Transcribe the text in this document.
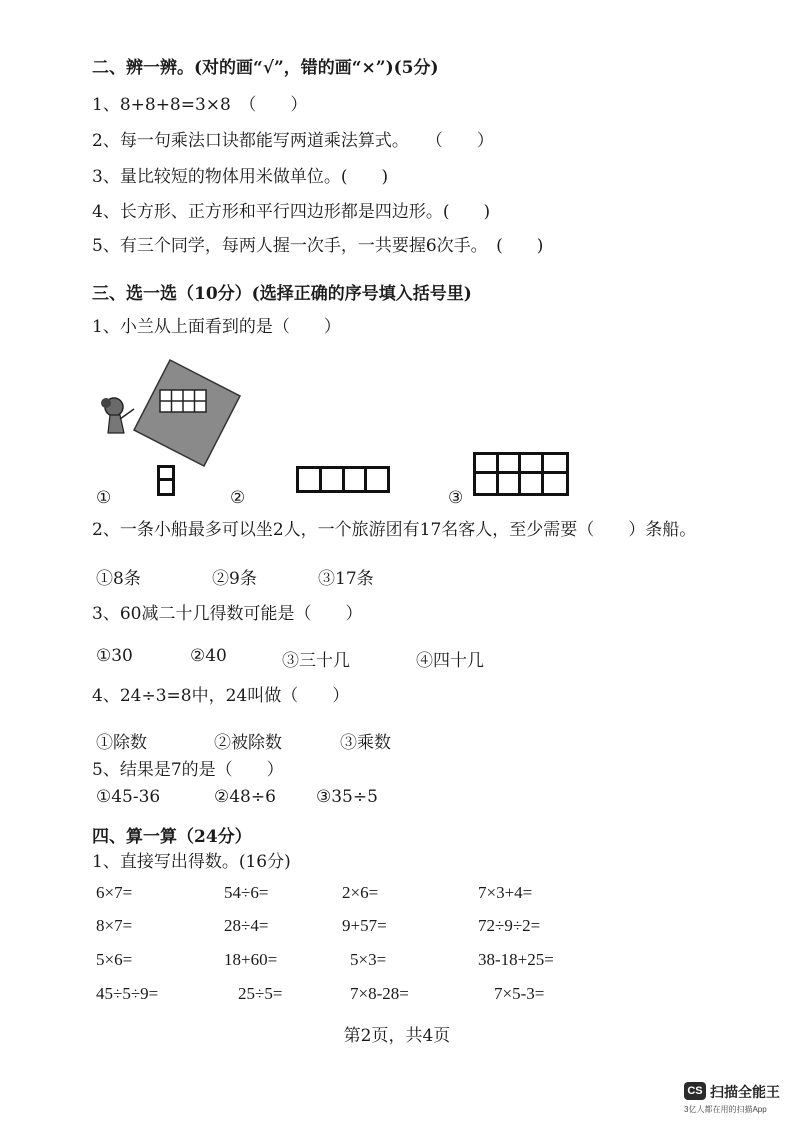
二、辨一辨。(对的画“√”，错的画“×”)(5分)
1、8+8+8=3×8　（　　）
2、每一句乘法口诀都能写两道乘法算式。　　（　　）
3、量比较短的物体用米做单位。(　　)
4、长方形、正方形和平行四边形都是四边形。(　　)
5、有三个同学，每两人握一次手，一共要握6次手。　(　　)
三、选一选（10分）(选择正确的序号填入括号里)
1、小兰从上面看到的是（　　）
①	②	③
2、一条小船最多可以坐2人，一个旅游团有17名客人，至少需要（　　）条船。
①8条	②9条	③17条
3、60减二十几得数可能是（　　）
①30	②40	③三十几	④四十几
4、24÷3=8中，24叫做（　　）
①除数	②被除数	③乘数
5、结果是7的是（　　）
①45-36	②48÷6 ③35÷5
四、算一算（24分）
1、直接写出得数。(16分)
6×7=	54÷6=	2×6=	7×3+4=
8×7=	28÷4=	9+57=	72÷9÷2=
5×6=	18+60=	5×3=	38-18+25=
45÷5÷9=	25÷5=	7×8-28=	7×5-3=
第2页，共4页
CS 扫描全能王
3亿人都在用的扫描App
